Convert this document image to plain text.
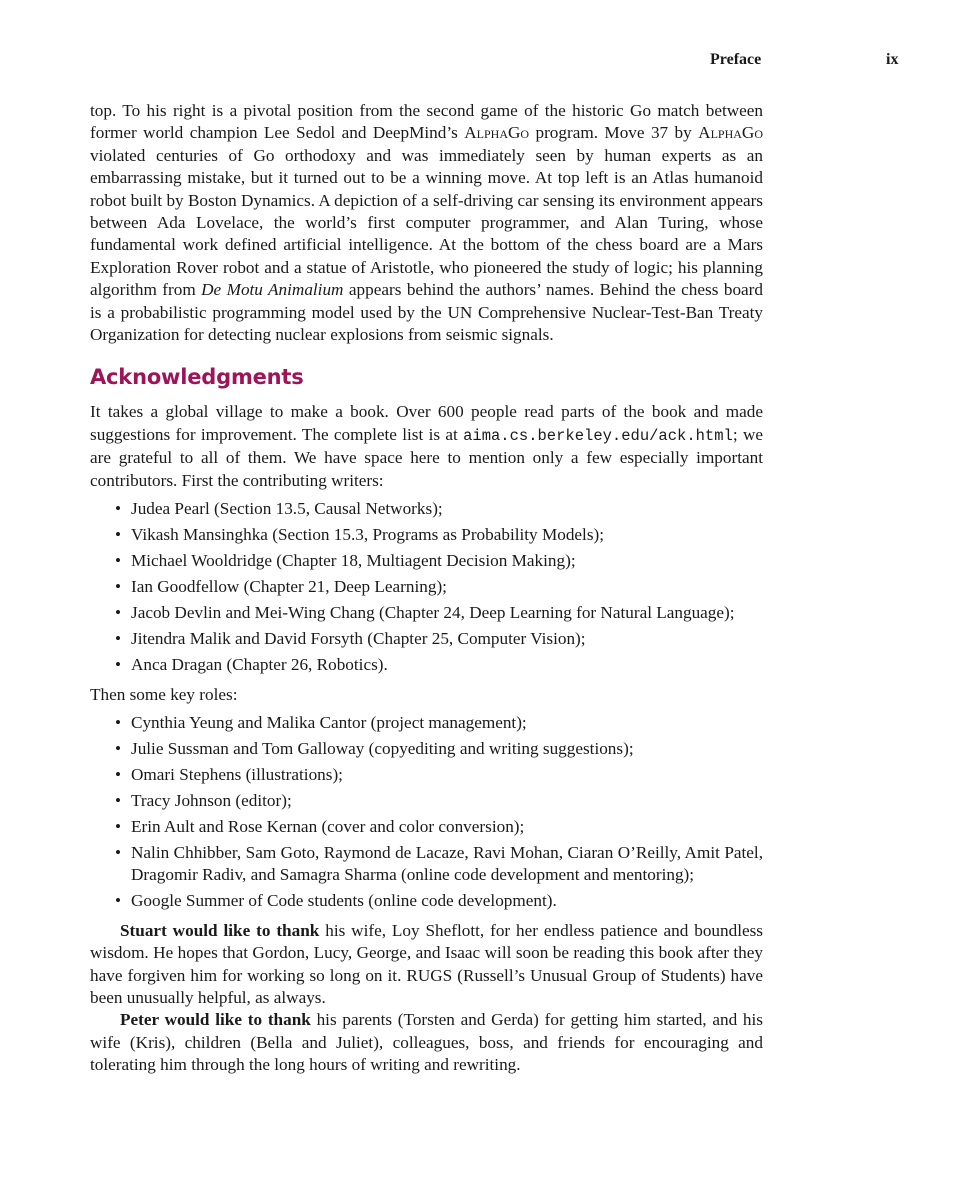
Preface	ix

top. To his right is a pivotal position from the second game of the historic Go match between former world champion Lee Sedol and DeepMind’s AlphaGo program. Move 37 by AlphaGo violated centuries of Go orthodoxy and was immediately seen by human experts as an embarrassing mistake, but it turned out to be a winning move. At top left is an Atlas humanoid robot built by Boston Dynamics. A depiction of a self-driving car sensing its environment appears between Ada Lovelace, the world’s first computer programmer, and Alan Turing, whose fundamental work defined artificial intelligence. At the bottom of the chess board are a Mars Exploration Rover robot and a statue of Aristotle, who pioneered the study of logic; his planning algorithm from De Motu Animalium appears behind the authors’ names. Behind the chess board is a probabilistic programming model used by the UN Comprehensive Nuclear-Test-Ban Treaty Organization for detecting nuclear explosions from seismic signals.

Acknowledgments

It takes a global village to make a book. Over 600 people read parts of the book and made suggestions for improvement. The complete list is at aima.cs.berkeley.edu/ack.html; we are grateful to all of them. We have space here to mention only a few especially important contributors. First the contributing writers:

• Judea Pearl (Section 13.5, Causal Networks);
• Vikash Mansinghka (Section 15.3, Programs as Probability Models);
• Michael Wooldridge (Chapter 18, Multiagent Decision Making);
• Ian Goodfellow (Chapter 21, Deep Learning);
• Jacob Devlin and Mei-Wing Chang (Chapter 24, Deep Learning for Natural Language);
• Jitendra Malik and David Forsyth (Chapter 25, Computer Vision);
• Anca Dragan (Chapter 26, Robotics).

Then some key roles:

• Cynthia Yeung and Malika Cantor (project management);
• Julie Sussman and Tom Galloway (copyediting and writing suggestions);
• Omari Stephens (illustrations);
• Tracy Johnson (editor);
• Erin Ault and Rose Kernan (cover and color conversion);
• Nalin Chhibber, Sam Goto, Raymond de Lacaze, Ravi Mohan, Ciaran O’Reilly, Amit Patel, Dragomir Radiv, and Samagra Sharma (online code development and mentoring);
• Google Summer of Code students (online code development).

Stuart would like to thank his wife, Loy Sheflott, for her endless patience and boundless wisdom. He hopes that Gordon, Lucy, George, and Isaac will soon be reading this book after they have forgiven him for working so long on it. RUGS (Russell’s Unusual Group of Students) have been unusually helpful, as always.

Peter would like to thank his parents (Torsten and Gerda) for getting him started, and his wife (Kris), children (Bella and Juliet), colleagues, boss, and friends for encouraging and tolerating him through the long hours of writing and rewriting.
